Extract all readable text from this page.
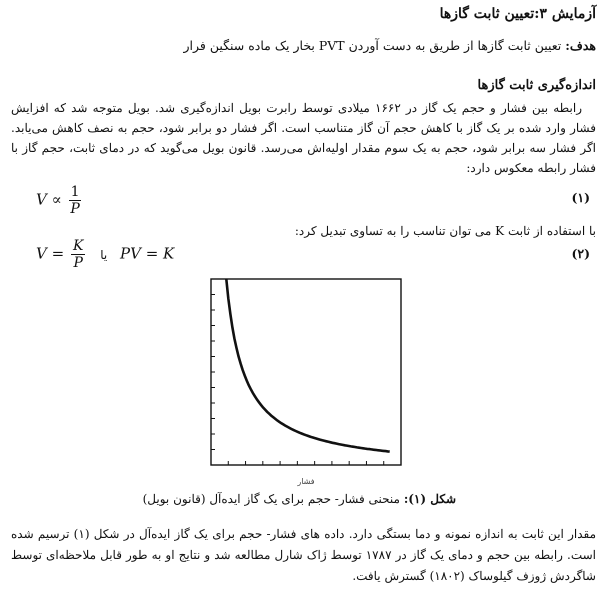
آزمایش ۳:تعیین ثابت گازها
هدف: تعیین ثابت گازها از طریق به دست آوردن PVT بخار یک ماده سنگین فرار
اندازه‌گیری ثابت گازها
رابطه بین فشار و حجم یک گاز در ۱۶۶۲ میلادی توسط رابرت بویل اندازه‌گیری شد. بویل متوجه شد که افزایش فشار وارد شده بر یک گاز با کاهش حجم آن گاز متناسب است. اگر فشار دو برابر شود، حجم به نصف کاهش می‌یابد. اگر فشار سه برابر شود، حجم به یک سوم مقدار اولیه‌اش می‌رسد. قانون بویل می‌گوید که در دمای ثابت، حجم گاز با فشار رابطه معکوس دارد:
(۱)
$V \propto \frac{1}{P}$
با استفاده از ثابت K می توان تناسب را به تساوی تبدیل کرد:
(۲)
$V = \frac{K}{P}$ یا PV = K
فشار
شکل (۱): منحنی فشار- حجم برای یک گاز ایده‌آل (قانون بویل)
مقدار این ثابت به اندازه نمونه و دما بستگی دارد. داده های فشار- حجم برای یک گاز ایده‌آل در شکل (۱) ترسیم شده است. رابطه بین حجم و دمای یک گاز در ۱۷۸۷ توسط ژاک شارل مطالعه شد و نتایج او به طور قابل ملاحظه‌ای توسط شاگردش ژوزف گیلوساک (۱۸۰۲) گسترش یافت.
